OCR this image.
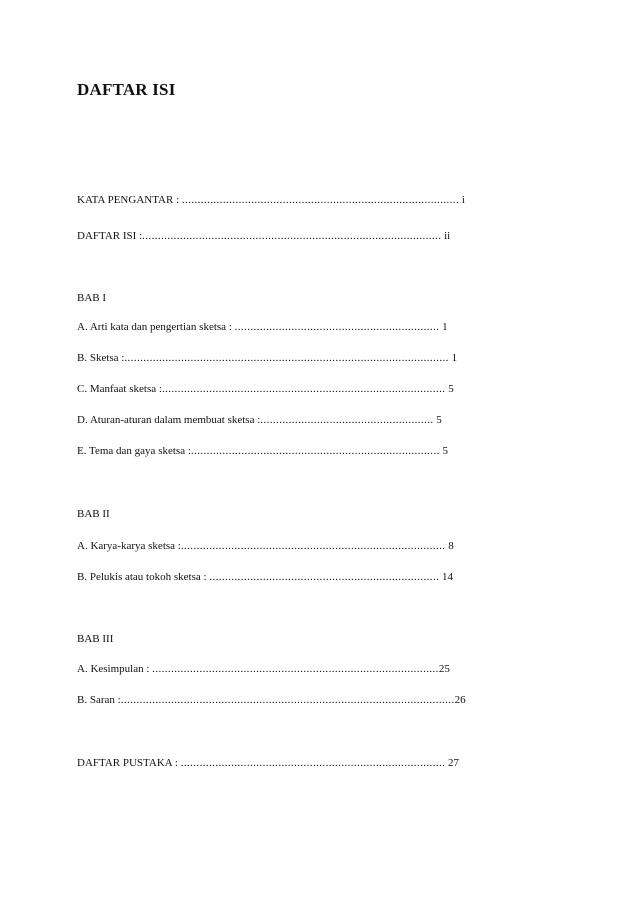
DAFTAR ISI
KATA PENGANTAR : ........................................................................................ i
DAFTAR ISI :............................................................................................... ii
BAB I
A. Arti kata dan pengertian sketsa : ................................................................. 1
B. Sketsa :....................................................................................................... 1
C. Manfaat sketsa :.......................................................................................... 5
D. Aturan-aturan dalam membuat sketsa :....................................................... 5
E. Tema dan gaya sketsa :............................................................................... 5
BAB II
A. Karya-karya sketsa :.................................................................................... 8
B. Pelukis atau tokoh sketsa : ......................................................................... 14
BAB III
A. Kesimpulan : ...........................................................................................25
B. Saran :..........................................................................................................26
DAFTAR PUSTAKA : .................................................................................... 27
